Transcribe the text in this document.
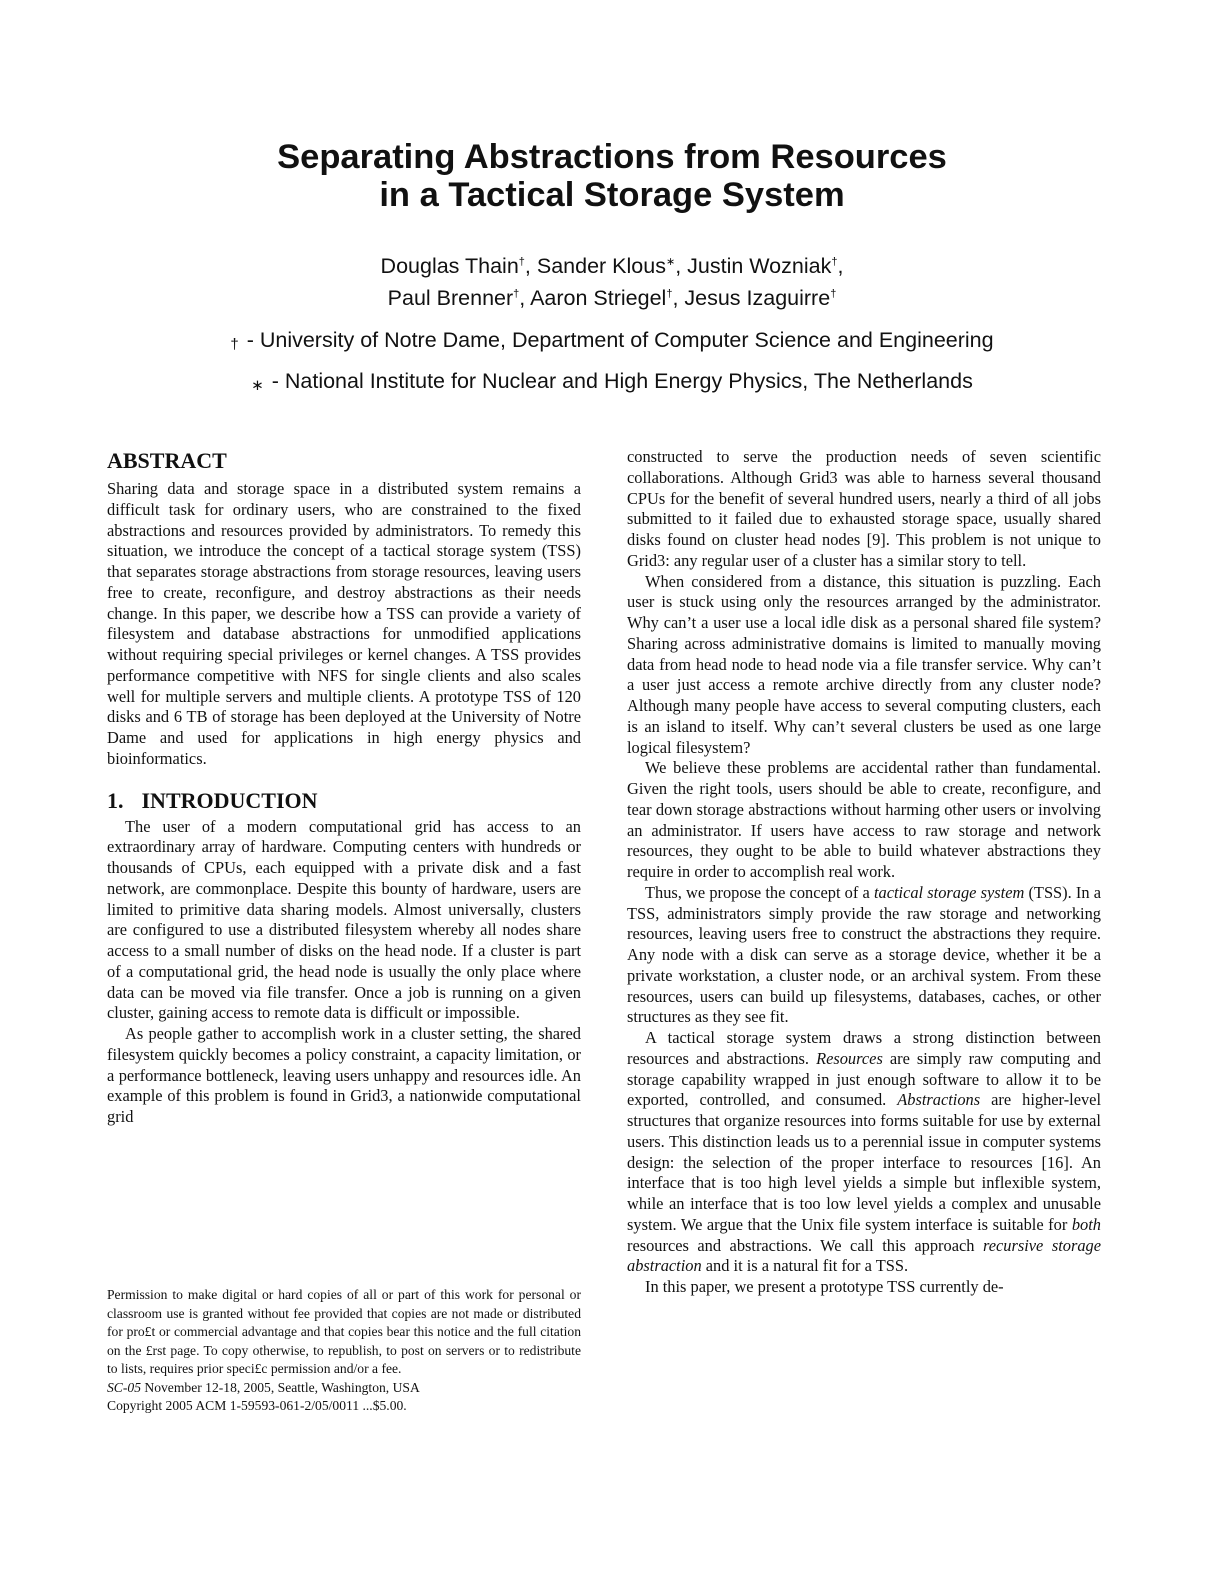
Separating Abstractions from Resources
in a Tactical Storage System
Douglas Thain†, Sander Klous∗, Justin Wozniak†,
Paul Brenner†, Aaron Striegel†, Jesus Izaguirre†
† - University of Notre Dame, Department of Computer Science and Engineering
∗ - National Institute for Nuclear and High Energy Physics, The Netherlands
ABSTRACT

Sharing data and storage space in a distributed system remains a difficult task for ordinary users, who are constrained to the fixed abstractions and resources provided by administrators. To remedy this situation, we introduce the concept of a tactical storage system (TSS) that separates storage abstractions from storage resources, leaving users free to create, reconfigure, and destroy abstractions as their needs change. In this paper, we describe how a TSS can provide a variety of filesystem and database abstractions for unmodified applications without requiring special privileges or kernel changes. A TSS provides performance competitive with NFS for single clients and also scales well for multiple servers and multiple clients. A prototype TSS of 120 disks and 6 TB of storage has been deployed at the University of Notre Dame and used for applications in high energy physics and bioinformatics.

1. INTRODUCTION

The user of a modern computational grid has access to an extraordinary array of hardware. Computing centers with hundreds or thousands of CPUs, each equipped with a private disk and a fast network, are commonplace. Despite this bounty of hardware, users are limited to primitive data sharing models. Almost universally, clusters are configured to use a distributed filesystem whereby all nodes share access to a small number of disks on the head node. If a cluster is part of a computational grid, the head node is usually the only place where data can be moved via file transfer. Once a job is running on a given cluster, gaining access to remote data is difficult or impossible.

As people gather to accomplish work in a cluster setting, the shared filesystem quickly becomes a policy constraint, a capacity limitation, or a performance bottleneck, leaving users unhappy and resources idle. An example of this problem is found in Grid3, a nationwide computational grid

constructed to serve the production needs of seven scientific collaborations. Although Grid3 was able to harness several thousand CPUs for the benefit of several hundred users, nearly a third of all jobs submitted to it failed due to exhausted storage space, usually shared disks found on cluster head nodes [9]. This problem is not unique to Grid3: any regular user of a cluster has a similar story to tell.

When considered from a distance, this situation is puzzling. Each user is stuck using only the resources arranged by the administrator. Why can’t a user use a local idle disk as a personal shared file system? Sharing across administrative domains is limited to manually moving data from head node to head node via a file transfer service. Why can’t a user just access a remote archive directly from any cluster node? Although many people have access to several computing clusters, each is an island to itself. Why can’t several clusters be used as one large logical filesystem?

We believe these problems are accidental rather than fundamental. Given the right tools, users should be able to create, reconfigure, and tear down storage abstractions without harming other users or involving an administrator. If users have access to raw storage and network resources, they ought to be able to build whatever abstractions they require in order to accomplish real work.

Thus, we propose the concept of a tactical storage system (TSS). In a TSS, administrators simply provide the raw storage and networking resources, leaving users free to construct the abstractions they require. Any node with a disk can serve as a storage device, whether it be a private workstation, a cluster node, or an archival system. From these resources, users can build up filesystems, databases, caches, or other structures as they see fit.

A tactical storage system draws a strong distinction between resources and abstractions. Resources are simply raw computing and storage capability wrapped in just enough software to allow it to be exported, controlled, and consumed. Abstractions are higher-level structures that organize resources into forms suitable for use by external users. This distinction leads us to a perennial issue in computer systems design: the selection of the proper interface to resources [16]. An interface that is too high level yields a simple but inflexible system, while an interface that is too low level yields a complex and unusable system. We argue that the Unix file system interface is suitable for both resources and abstractions. We call this approach recursive storage abstraction and it is a natural fit for a TSS.

In this paper, we present a prototype TSS currently de-

Permission to make digital or hard copies of all or part of this work for personal or classroom use is granted without fee provided that copies are not made or distributed for pro£t or commercial advantage and that copies bear this notice and the full citation on the £rst page. To copy otherwise, to republish, to post on servers or to redistribute to lists, requires prior speci£c permission and/or a fee.
SC-05 November 12-18, 2005, Seattle, Washington, USA
Copyright 2005 ACM 1-59593-061-2/05/0011 ...$5.00.
